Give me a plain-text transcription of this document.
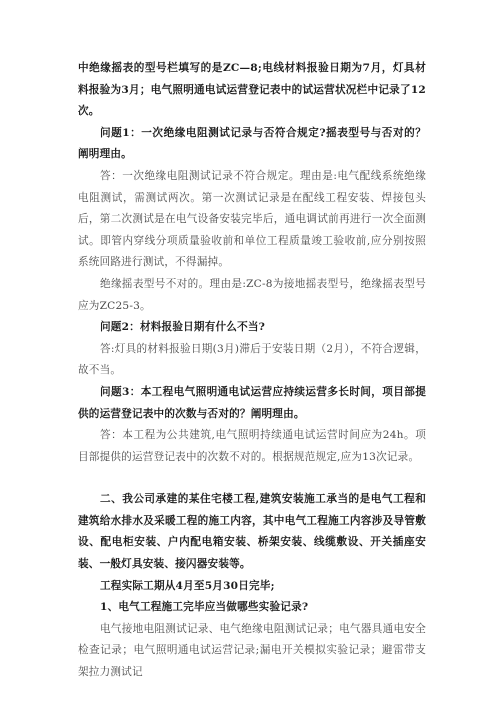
中绝缘摇表的型号栏填写的是ZC—8;电线材料报验日期为7月，灯具材料报验为3月；电气照明通电试运营登记表中的试运营状况栏中记录了12次。

问题1：一次绝缘电阻测试记录与否符合规定?摇表型号与否对的？阐明理由。

答：一次绝缘电阻测试记录不符合规定。理由是:电气配线系统绝缘电阻测试，需测试两次。第一次测试记录是在配线工程安装、焊接包头后，第二次测试是在电气设备安装完毕后，通电调试前再进行一次全面测试。即管内穿线分项质量验收前和单位工程质量竣工验收前,应分别按照系统回路进行测试，不得漏掉。

绝缘摇表型号不对的。理由是:ZC-8为接地摇表型号，绝缘摇表型号应为ZC25-3。

问题2：材料报验日期有什么不当?

答:灯具的材料报验日期(3月)滞后于安装日期（2月），不符合逻辑，故不当。

问题3：本工程电气照明通电试运营应持续运营多长时间，项目部提供的运营登记表中的次数与否对的？阐明理由。

答：本工程为公共建筑,电气照明持续通电试运营时间应为24h。项目部提供的运营登记表中的次数不对的。根据规范规定,应为13次记录。

二、我公司承建的某住宅楼工程,建筑安装施工承当的是电气工程和建筑给水排水及采暖工程的施工内容，其中电气工程施工内容涉及导管敷设、配电柜安装、户内配电箱安装、桥架安装、线缆敷设、开关插座安装、一般灯具安装、接闪器安装等。

工程实际工期从4月至5月30日完毕;

1、电气工程施工完毕应当做哪些实验记录?

电气接地电阻测试记录、电气绝缘电阻测试记录；电气器具通电安全检查记录；电气照明通电试运营记录;漏电开关模拟实验记录；避雷带支架拉力测试记
